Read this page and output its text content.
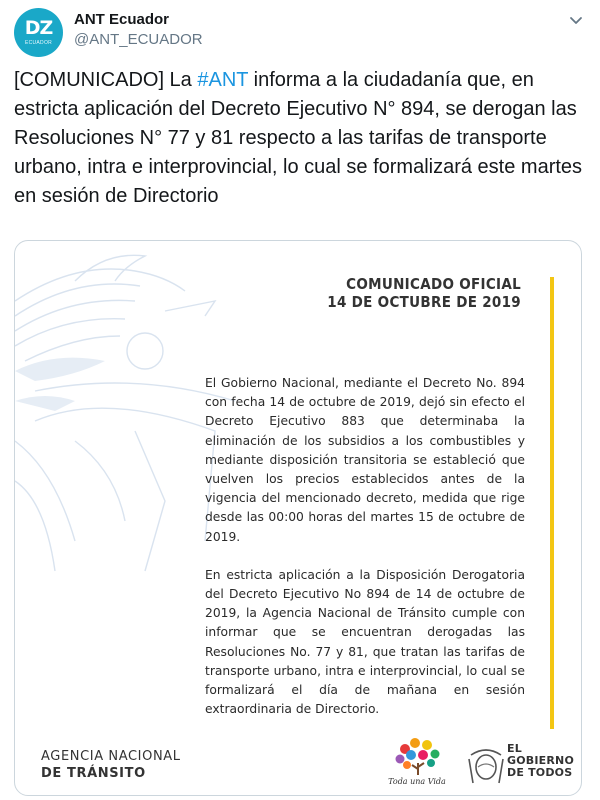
DZ
ECUADOR
ANT Ecuador
@ANT_ECUADOR
[COMUNICADO] La #ANT informa a la ciudadanía que, en estricta aplicación del Decreto Ejecutivo N° 894, se derogan las Resoluciones N° 77 y 81 respecto a las tarifas de transporte urbano, intra e interprovincial, lo cual se formalizará este martes en sesión de Directorio
COMUNICADO OFICIAL
14 DE OCTUBRE DE 2019

El Gobierno Nacional, mediante el Decreto No. 894 con fecha 14 de octubre de 2019, dejó sin efecto el Decreto Ejecutivo 883 que determinaba la eliminación de los subsidios a los combustibles y mediante disposición transitoria se estableció que vuelven los precios establecidos antes de la vigencia del mencionado decreto, medida que rige desde las 00:00 horas del martes 15 de octubre de 2019.

En estricta aplicación a la Disposición Derogatoria del Decreto Ejecutivo No 894 de 14 de octubre de 2019, la Agencia Nacional de Tránsito cumple con informar que se encuentran derogadas las Resoluciones No. 77 y 81, que tratan las tarifas de transporte urbano, intra e interprovincial, lo cual se formalizará el día de mañana en sesión extraordinaria de Directorio.

AGENCIA NACIONAL
DE TRÁNSITO
Toda una Vida
EL
GOBIERNO
DE TODOS
